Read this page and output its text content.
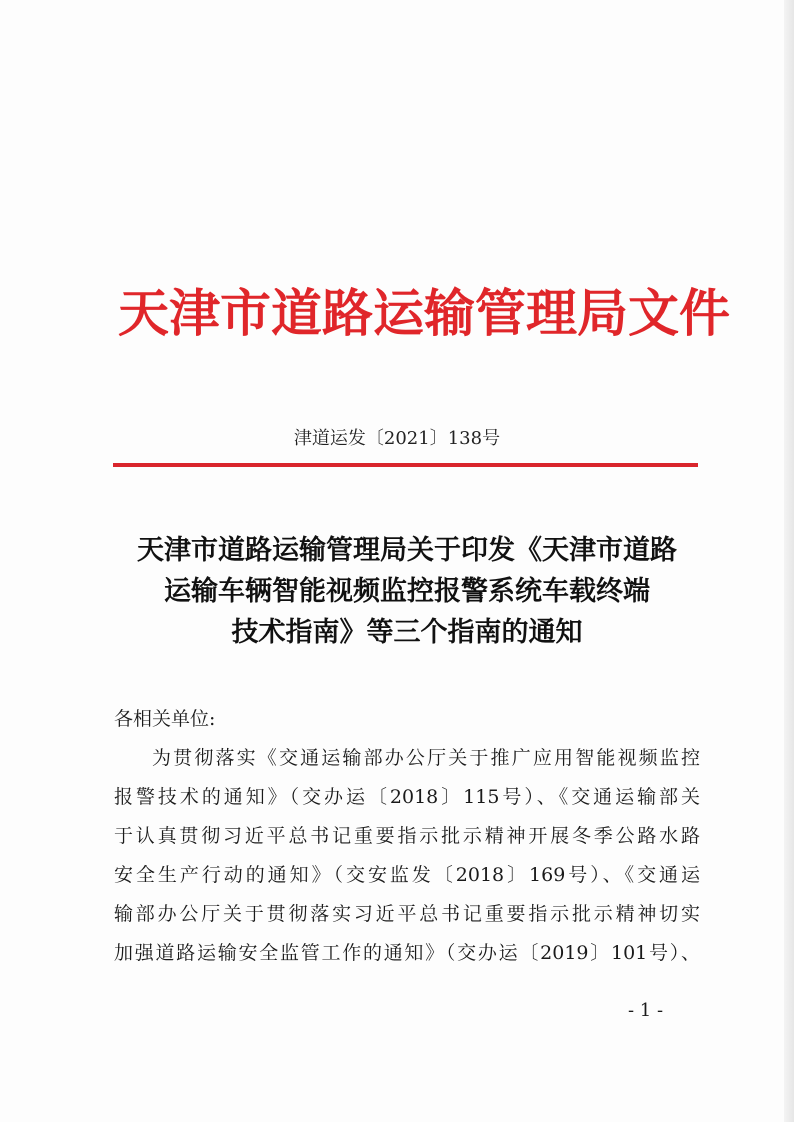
天津市道路运输管理局文件
津道运发〔2021〕138号
天津市道路运输管理局关于印发《天津市道路
运输车辆智能视频监控报警系统车载终端
技术指南》等三个指南的通知
各相关单位:
为贯彻落实《交通运输部办公厅关于推广应用智能视频监控
报警技术的通知》（交办运〔2018〕115号）、《交通运输部关
于认真贯彻习近平总书记重要指示批示精神开展冬季公路水路
安全生产行动的通知》（交安监发〔2018〕169号）、《交通运
输部办公厅关于贯彻落实习近平总书记重要指示批示精神切实
加强道路运输安全监管工作的通知》（交办运〔2019〕101号）、
- 1 -
